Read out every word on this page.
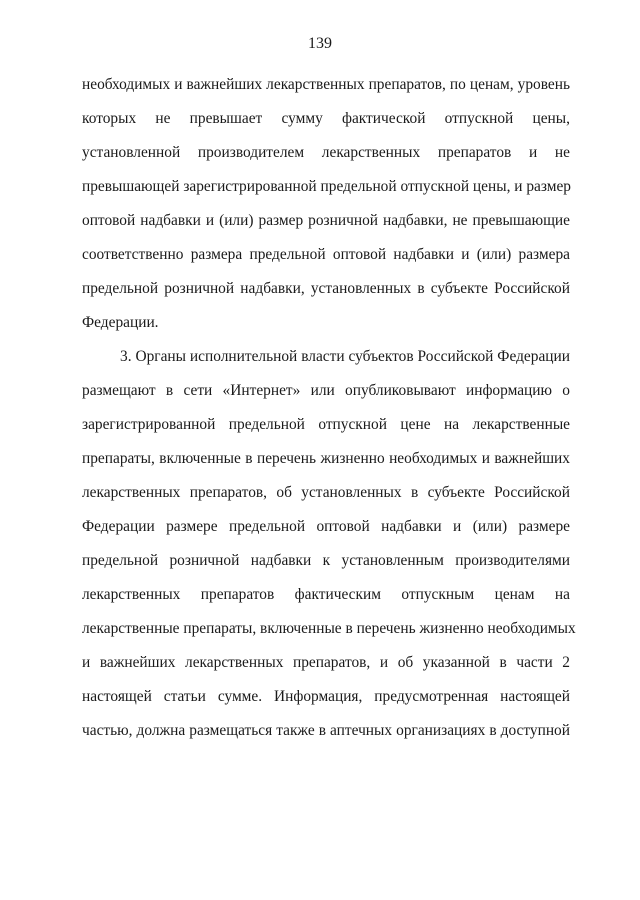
139
необходимых и важнейших лекарственных препаратов, по ценам, уровень
которых не превышает сумму фактической отпускной цены,
установленной производителем лекарственных препаратов и не
превышающей зарегистрированной предельной отпускной цены, и размер
оптовой надбавки и (или) размер розничной надбавки, не превышающие
соответственно размера предельной оптовой надбавки и (или) размера
предельной розничной надбавки, установленных в субъекте Российской
Федерации.
3. Органы исполнительной власти субъектов Российской Федерации
размещают в сети «Интернет» или опубликовывают информацию о
зарегистрированной предельной отпускной цене на лекарственные
препараты, включенные в перечень жизненно необходимых и важнейших
лекарственных препаратов, об установленных в субъекте Российской
Федерации размере предельной оптовой надбавки и (или) размере
предельной розничной надбавки к установленным производителями
лекарственных препаратов фактическим отпускным ценам на
лекарственные препараты, включенные в перечень жизненно необходимых
и важнейших лекарственных препаратов, и об указанной в части 2
настоящей статьи сумме. Информация, предусмотренная настоящей
частью, должна размещаться также в аптечных организациях в доступной
